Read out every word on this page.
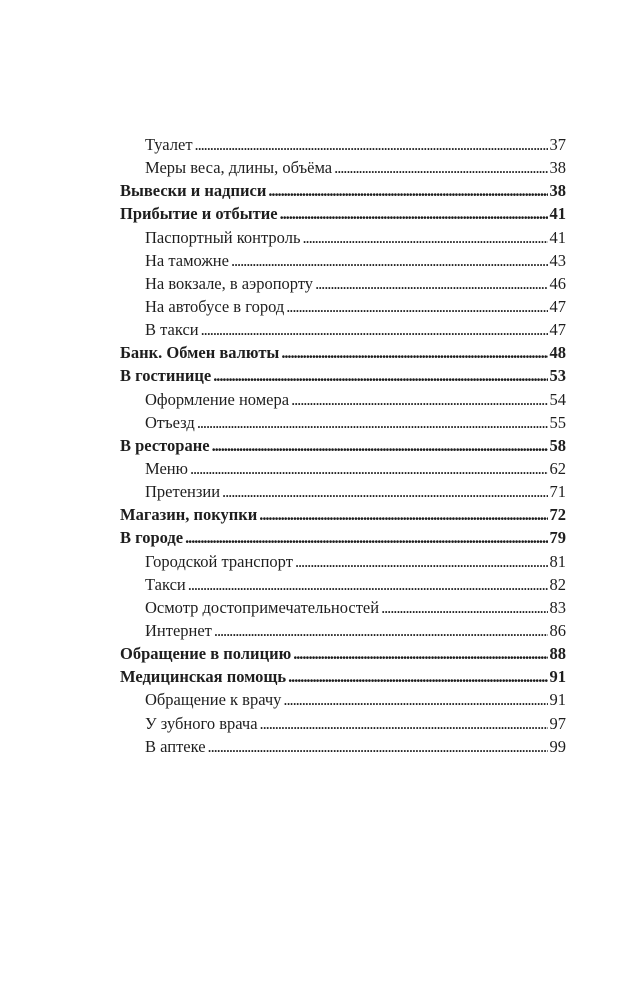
Туалет . . .	37
Меры веса, длины, объёма . . .	38
Вывески и надписи . . .	38
Прибытие и отбытие . . .	41
Паспортный контроль . . .	41
На таможне . . .	43
На вокзале, в аэропорту . . .	46
На автобусе в город . . .	47
В такси . . .	47
Банк. Обмен валюты . . .	48
В гостинице . . .	53
Оформление номера . . .	54
Отъезд . . .	55
В ресторане . . .	58
Меню . . .	62
Претензии . . .	71
Магазин, покупки . . .	72
В городе . . .	79
Городской транспорт . . .	81
Такси . . .	82
Осмотр достопримечательностей . . .	83
Интернет . . .	86
Обращение в полицию . . .	88
Медицинская помощь . . .	91
Обращение к врачу . . .	91
У зубного врача . . .	97
В аптеке . . .	99
